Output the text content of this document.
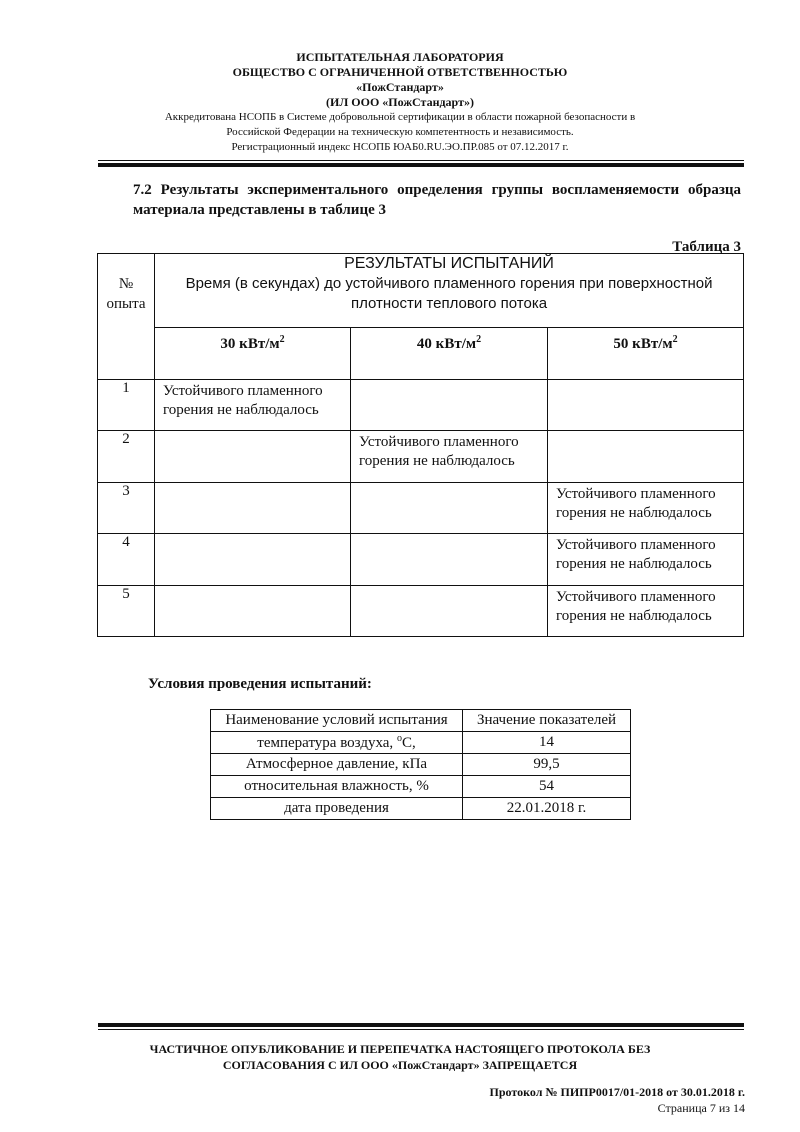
ИСПЫТАТЕЛЬНАЯ ЛАБОРАТОРИЯ
ОБЩЕСТВО С ОГРАНИЧЕННОЙ ОТВЕТСТВЕННОСТЬЮ
«ПожСтандарт»
(ИЛ ООО «ПожСтандарт»)
Аккредитована НСОПБ в Системе добровольной сертификации в области пожарной безопасности в
Российской Федерации на техническую компетентность и независимость.
Регистрационный индекс НСОПБ ЮАБ0.RU.ЭО.ПР.085 от 07.12.2017 г.
7.2 Результаты экспериментального определения группы воспламеняемости образца материала представлены в таблице 3
Таблица 3
№ опыта	РЕЗУЛЬТАТЫ ИСПЫТАНИЙ
Время (в секундах) до устойчивого пламенного горения при поверхностной плотности теплового потока		

	30 кВт/$м^2$	40 кВт/$м^2$	50 кВт/$м^2$
1	Устойчивого пламенного горения не наблюдалось		
2		Устойчивого пламенного горения не наблюдалось	
3			Устойчивого пламенного горения не наблюдалось
4			Устойчивого пламенного горения не наблюдалось
5			Устойчивого пламенного горения не наблюдалось
Условия проведения испытаний:
Наименование условий испытания	Значение показателей
температура воздуха, $^o$С,	14
Атмосферное давление, кПа	99,5
относительная влажность, %	54
дата проведения	22.01.2018 г.
ЧАСТИЧНОЕ ОПУБЛИКОВАНИЕ И ПЕРЕПЕЧАТКА НАСТОЯЩЕГО ПРОТОКОЛА БЕЗ
СОГЛАСОВАНИЯ С ИЛ ООО «ПожСтандарт» ЗАПРЕЩАЕТСЯ
Протокол № ПИПР0017/01-2018 от 30.01.2018 г.
Страница 7 из 14
